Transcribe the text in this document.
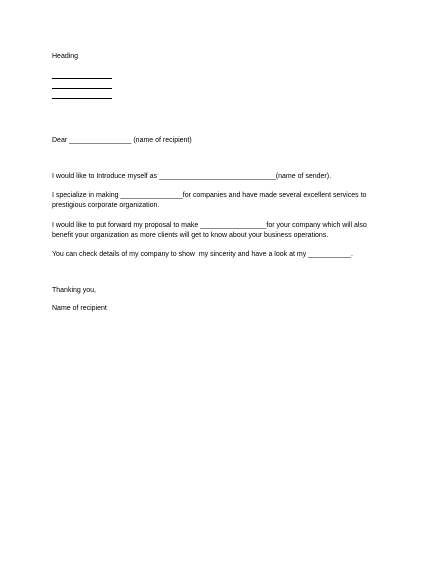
Heading
Dear ________________ (name of recipient)
I would like to Introduce myself as ______________________________(name of sender).
I specialize in making ________________for companies and have made several excellent services to
prestigious corporate organization.
I would like to put forward my proposal to make _________________for your company which will also
benefit your organization as more clients will get to know about your business operations.
You can check details of my company to show  my sincerity and have a look at my ___________.
Thanking you,
Name of recipient
